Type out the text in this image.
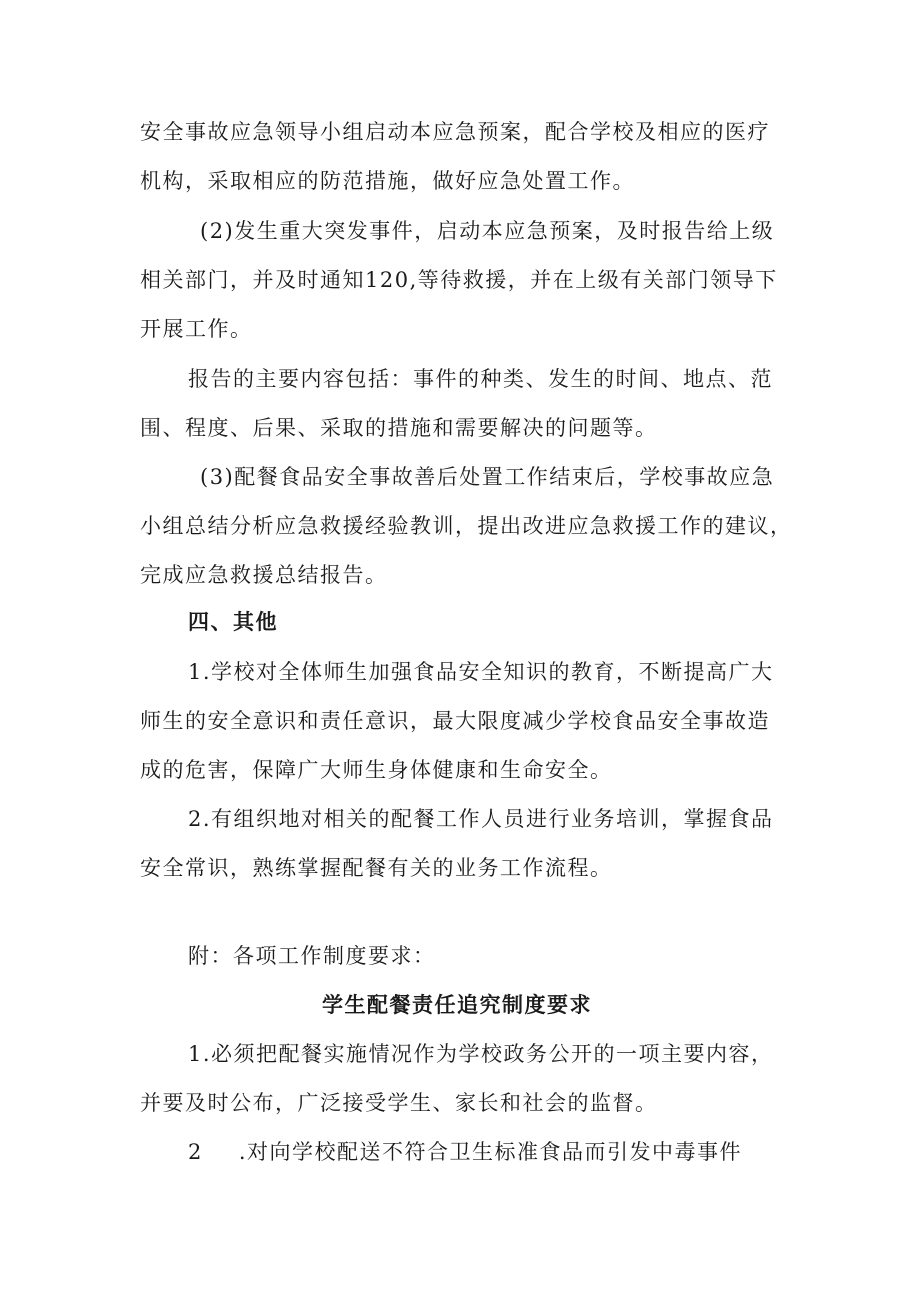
安全事故应急领导小组启动本应急预案，配合学校及相应的医疗
机构，采取相应的防范措施，做好应急处置工作。
(2)发生重大突发事件，启动本应急预案，及时报告给上级
相关部门，并及时通知120,等待救援，并在上级有关部门领导下
开展工作。
报告的主要内容包括：事件的种类、发生的时间、地点、范
围、程度、后果、采取的措施和需要解决的问题等。
(3)配餐食品安全事故善后处置工作结束后，学校事故应急
小组总结分析应急救援经验教训，提出改进应急救援工作的建议，
完成应急救援总结报告。
四、其他
1.学校对全体师生加强食品安全知识的教育，不断提高广大
师生的安全意识和责任意识，最大限度减少学校食品安全事故造
成的危害，保障广大师生身体健康和生命安全。
2.有组织地对相关的配餐工作人员进行业务培训，掌握食品
安全常识，熟练掌握配餐有关的业务工作流程。
附：各项工作制度要求：
学生配餐责任追究制度要求
1.必须把配餐实施情况作为学校政务公开的一项主要内容，
并要及时公布，广泛接受学生、家长和社会的监督。
2 .对向学校配送不符合卫生标准食品而引发中毒事件
